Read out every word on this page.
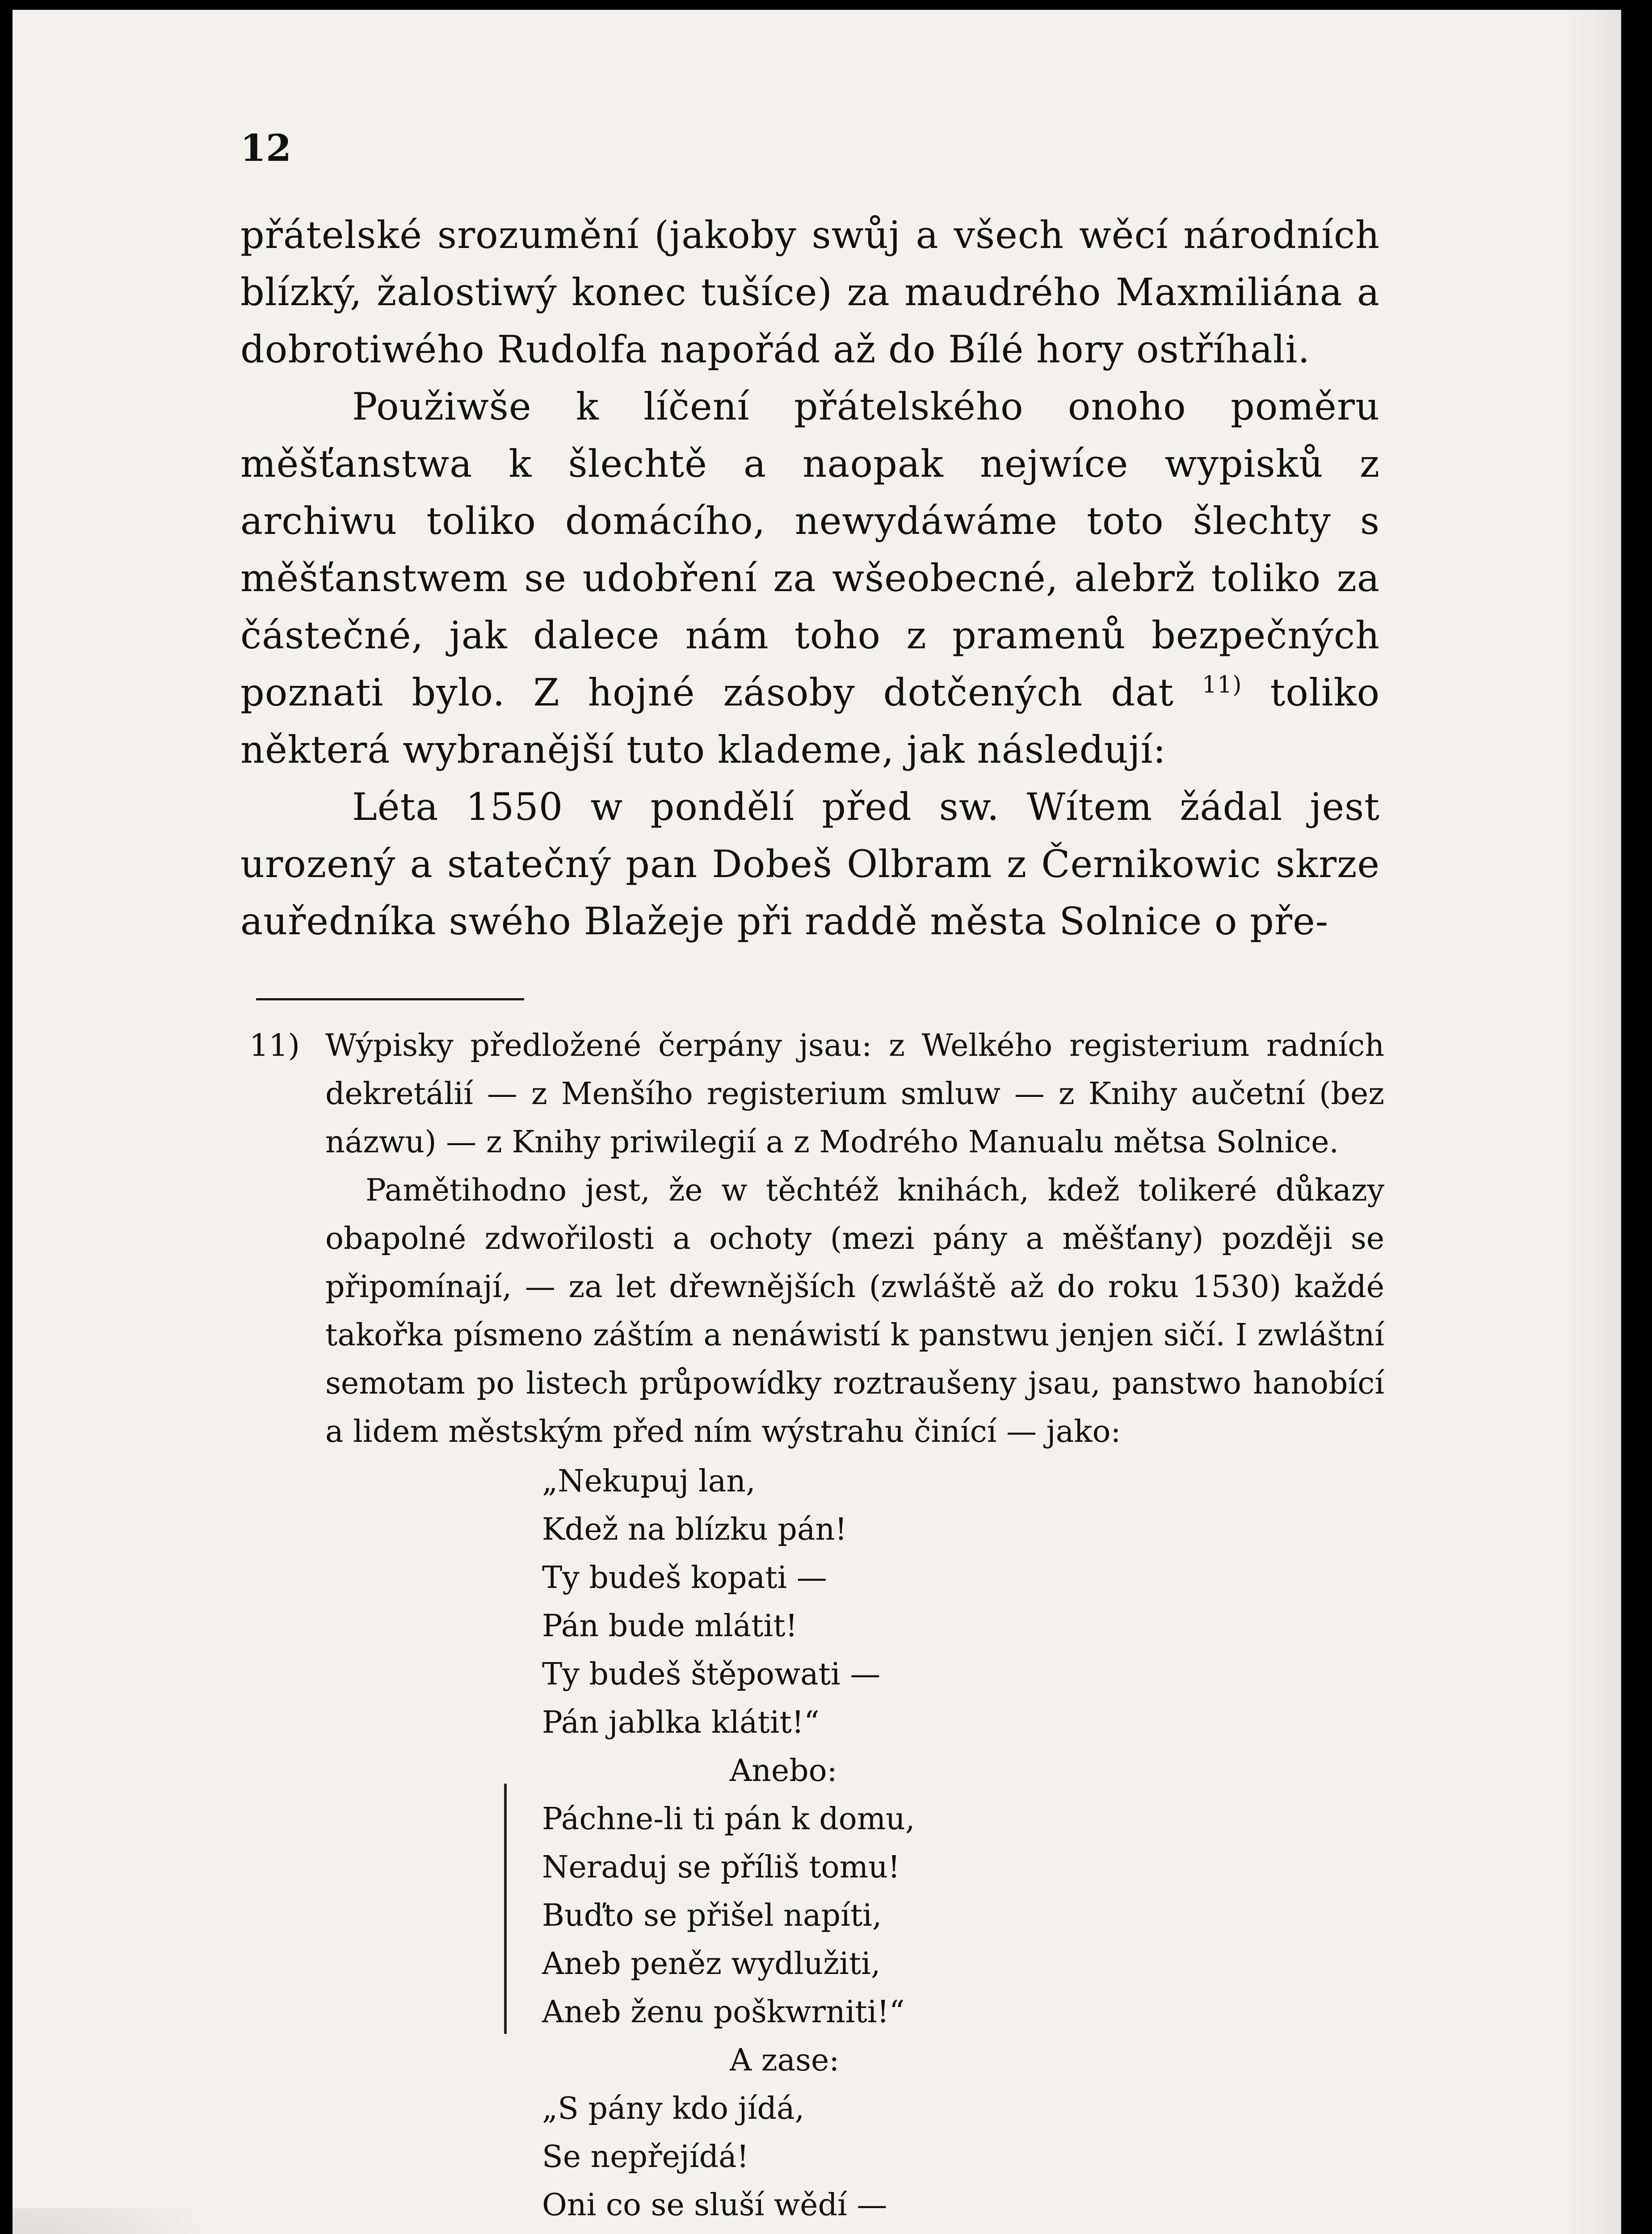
12

přátelské srozumění (jakoby swůj a všech wěcí národních blízký, žalostiwý konec tušíce) za maudrého Maxmiliána a dobrotiwého Rudolfa napořád až do Bílé hory ostříhali.

Použiwše k líčení přátelského onoho poměru měšťanstwa k šlechtě a naopak nejwíce wypisků z archiwu toliko domácího, newydáwáme toto šlechty s měšťanstwem se udobření za wšeobecné, alebrž toliko za částečné, jak dalece nám toho z pramenů bezpečných poznati bylo. Z hojné zásoby dotčených dat $^{11)}$ toliko některá wybranější tuto klademe, jak následují:

Léta 1550 w pondělí před sw. Wítem žádal jest urozený a statečný pan Dobeš Olbram z Černikowic skrze auředníka swého Blažeje při raddě města Solnice o pře-

11) Wýpisky předložené čerpány jsau: z Welkého registerium radních dekretálií — z Menšího registerium smluw — z Knihy aučetní (bez názwu) — z Knihy priwilegií a z Modrého Manualu mětsa Solnice.

Pamětihodno jest, že w těchtéž knihách, kdež tolikeré důkazy obapolné zdwořilosti a ochoty (mezi pány a měšťany) později se připomínají, — za let dřewnějších (zwláště až do roku 1530) každé takořka písmeno záštím a nenáwistí k panstwu jenjen sičí. I zwláštní semotam po listech průpowídky roztraušeny jsau, panstwo hanobící a lidem městským před ním wýstrahu činící — jako:

„Nekupuj lan,
Kdež na blízku pán!
Ty budeš kopati —
Pán bude mlátit!
Ty budeš štěpowati —
Pán jablka klátit!“
Anebo:
Páchne-li ti pán k domu,
Neraduj se příliš tomu!
Buďto se přišel napíti,
Aneb peněz wydlužiti,
Aneb ženu poškwrniti!“
A zase:
„S pány kdo jídá,
Se nepřejídá!
Oni co se sluší wědí —
